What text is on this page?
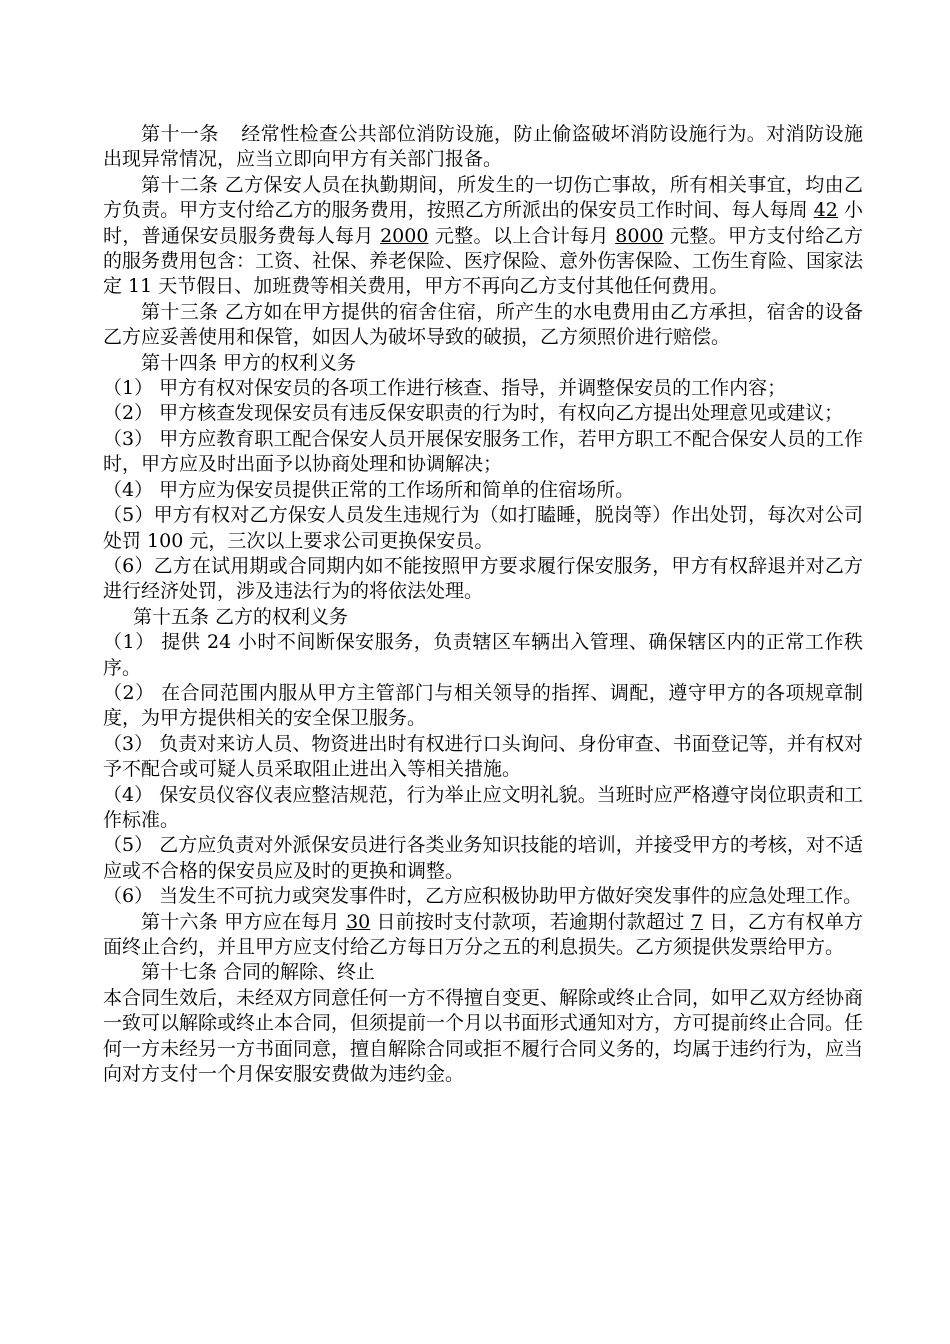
第十一条 经常性检查公共部位消防设施，防止偷盗破坏消防设施行为。对消防设施出现异常情况，应当立即向甲方有关部门报备。

第十二条 乙方保安人员在执勤期间，所发生的一切伤亡事故，所有相关事宜，均由乙方负责。甲方支付给乙方的服务费用，按照乙方所派出的保安员工作时间、每人每周 42 小时，普通保安员服务费每人每月 2000 元整。以上合计每月 8000 元整。甲方支付给乙方的服务费用包含：工资、社保、养老保险、医疗保险、意外伤害保险、工伤生育险、国家法定 11 天节假日、加班费等相关费用，甲方不再向乙方支付其他任何费用。

第十三条 乙方如在甲方提供的宿舍住宿，所产生的水电费用由乙方承担，宿舍的设备乙方应妥善使用和保管，如因人为破坏导致的破损，乙方须照价进行赔偿。

第十四条 甲方的权利义务

（1） 甲方有权对保安员的各项工作进行核查、指导，并调整保安员的工作内容；

（2） 甲方核查发现保安员有违反保安职责的行为时，有权向乙方提出处理意见或建议；

（3） 甲方应教育职工配合保安人员开展保安服务工作，若甲方职工不配合保安人员的工作时，甲方应及时出面予以协商处理和协调解决；

（4） 甲方应为保安员提供正常的工作场所和简单的住宿场所。

（5）甲方有权对乙方保安人员发生违规行为（如打瞌睡，脱岗等）作出处罚，每次对公司处罚 100 元，三次以上要求公司更换保安员。

（6）乙方在试用期或合同期内如不能按照甲方要求履行保安服务，甲方有权辞退并对乙方进行经济处罚，涉及违法行为的将依法处理。

第十五条 乙方的权利义务

（1） 提供 24 小时不间断保安服务，负责辖区车辆出入管理、确保辖区内的正常工作秩序。

（2） 在合同范围内服从甲方主管部门与相关领导的指挥、调配，遵守甲方的各项规章制度，为甲方提供相关的安全保卫服务。

（3） 负责对来访人员、物资进出时有权进行口头询问、身份审查、书面登记等，并有权对予不配合或可疑人员采取阻止进出入等相关措施。

（4） 保安员仪容仪表应整洁规范，行为举止应文明礼貌。当班时应严格遵守岗位职责和工作标准。

（5） 乙方应负责对外派保安员进行各类业务知识技能的培训，并接受甲方的考核，对不适应或不合格的保安员应及时的更换和调整。

（6） 当发生不可抗力或突发事件时，乙方应积极协助甲方做好突发事件的应急处理工作。

第十六条 甲方应在每月 30 日前按时支付款项，若逾期付款超过 7 日，乙方有权单方面终止合约，并且甲方应支付给乙方每日万分之五的利息损失。乙方须提供发票给甲方。

第十七条 合同的解除、终止

本合同生效后，未经双方同意任何一方不得擅自变更、解除或终止合同，如甲乙双方经协商一致可以解除或终止本合同，但须提前一个月以书面形式通知对方，方可提前终止合同。任何一方未经另一方书面同意，擅自解除合同或拒不履行合同义务的，均属于违约行为，应当向对方支付一个月保安服安费做为违约金。
